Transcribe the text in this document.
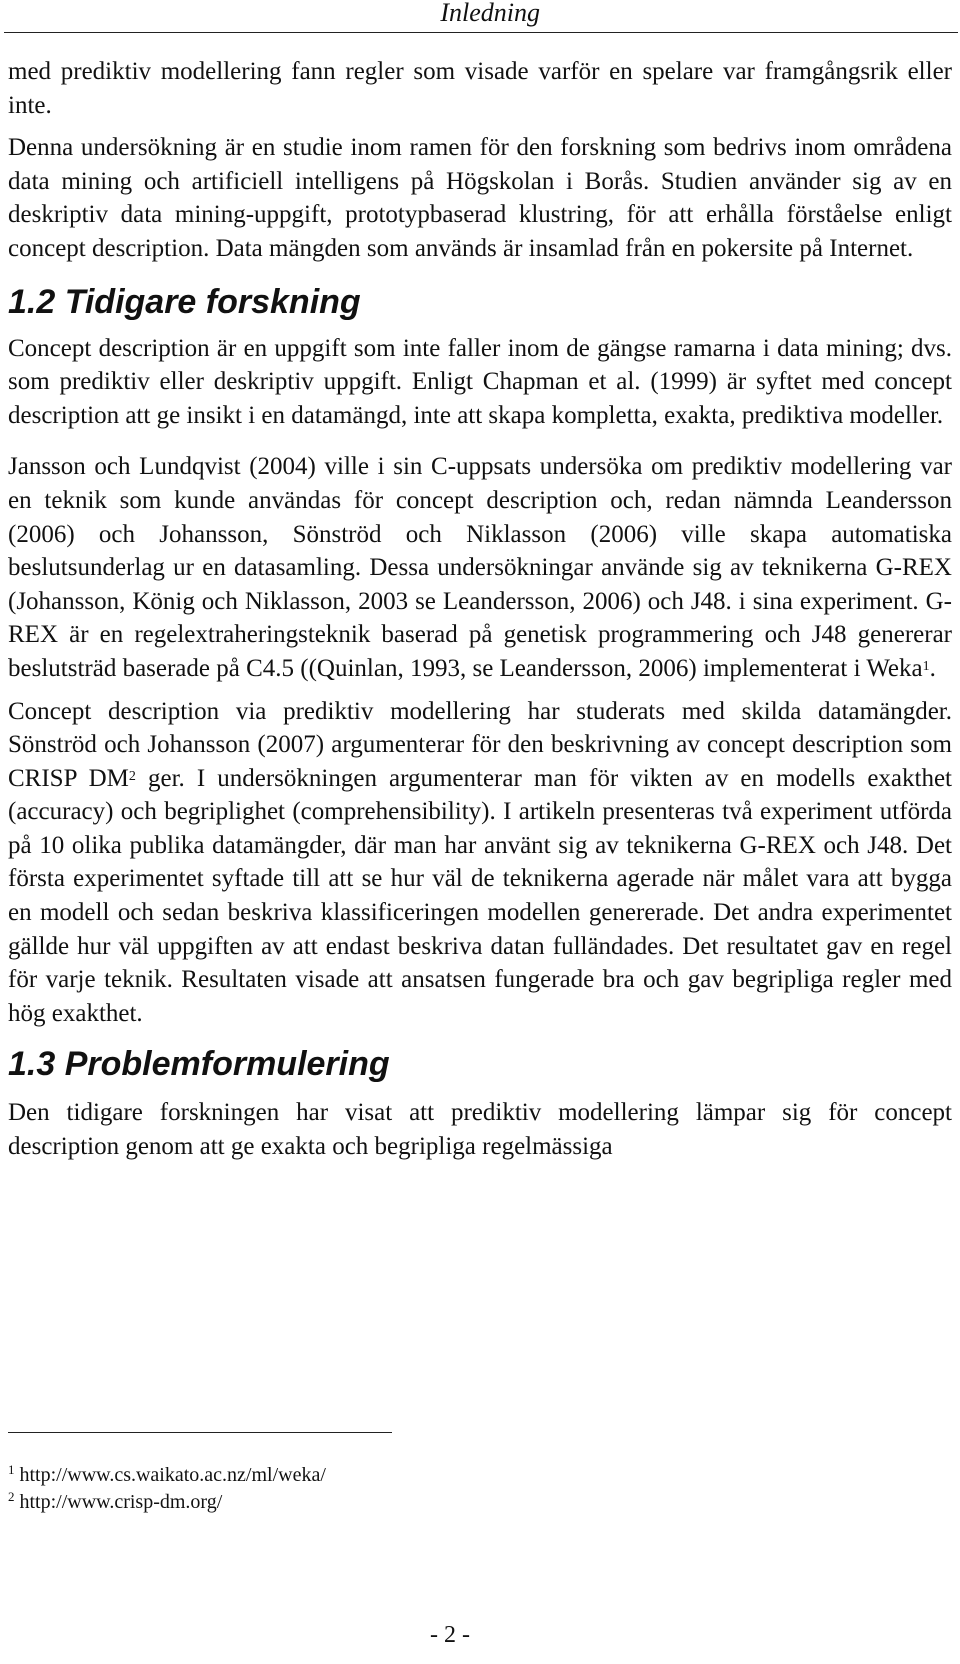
Inledning

med prediktiv modellering fann regler som visade varför en spelare var framgångsrik eller inte.

Denna undersökning är en studie inom ramen för den forskning som bedrivs inom områdena data mining och artificiell intelligens på Högskolan i Borås. Studien använder sig av en deskriptiv data mining-uppgift, prototypbaserad klustring, för att erhålla förståelse enligt concept description. Data mängden som används är insamlad från en pokersite på Internet.

1.2 Tidigare forskning

Concept description är en uppgift som inte faller inom de gängse ramarna i data mining; dvs. som prediktiv eller deskriptiv uppgift. Enligt Chapman et al. (1999) är syftet med concept description att ge insikt i en datamängd, inte att skapa kompletta, exakta, prediktiva modeller.

Jansson och Lundqvist (2004) ville i sin C-uppsats undersöka om prediktiv modellering var en teknik som kunde användas för concept description och, redan nämnda Leandersson (2006) och Johansson, Sönströd och Niklasson (2006) ville skapa automatiska beslutsunderlag ur en datasamling. Dessa undersökningar använde sig av teknikerna G-REX (Johansson, König och Niklasson, 2003 se Leandersson, 2006) och J48. i sina experiment. G-REX är en regelextraheringsteknik baserad på genetisk programmering och J48 genererar beslutsträd baserade på C4.5 ((Quinlan, 1993, se Leandersson, 2006) implementerat i Weka$^1$.

Concept description via prediktiv modellering har studerats med skilda datamängder. Sönströd och Johansson (2007) argumenterar för den beskrivning av concept description som CRISP $DM^2$ ger. I undersökningen argumenterar man för vikten av en modells exakthet (accuracy) och begriplighet (comprehensibility). I artikeln presenteras två experiment utförda på 10 olika publika datamängder, där man har använt sig av teknikerna G-REX och J48. Det första experimentet syftade till att se hur väl de teknikerna agerade när målet vara att bygga en modell och sedan beskriva klassificeringen modellen genererade. Det andra experimentet gällde hur väl uppgiften av att endast beskriva datan fulländades. Det resultatet gav en regel för varje teknik. Resultaten visade att ansatsen fungerade bra och gav begripliga regler med hög exakthet.

1.3 Problemformulering

Den tidigare forskningen har visat att prediktiv modellering lämpar sig för concept description genom att ge exakta och begripliga regelmässiga

$^1$ http://www.cs.waikato.ac.nz/ml/weka/
$^2$ http://www.crisp-dm.org/
- 2 -
